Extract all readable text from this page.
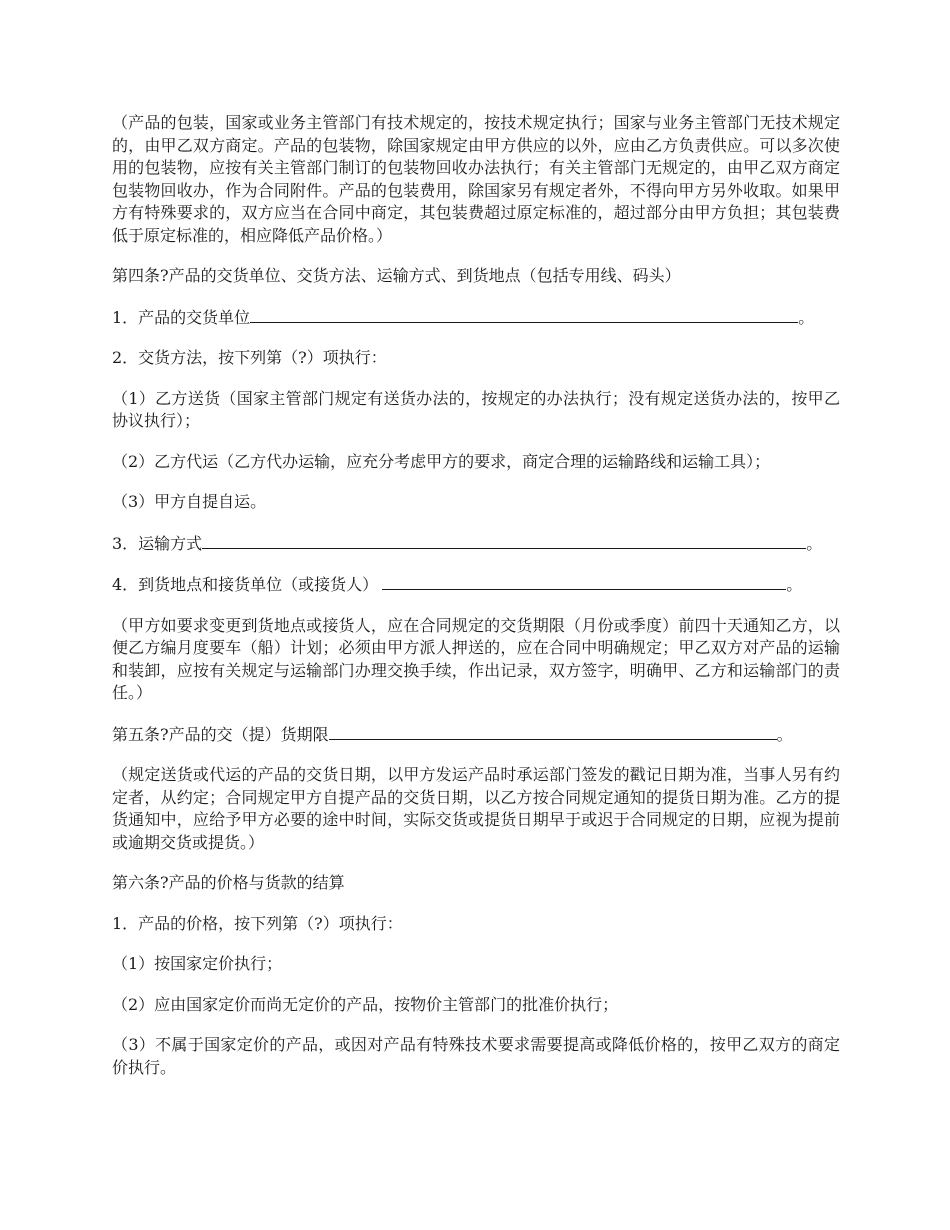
（产品的包装，国家或业务主管部门有技术规定的，按技术规定执行；国家与业务主管部门无技术规定的，由甲乙双方商定。产品的包装物，除国家规定由甲方供应的以外，应由乙方负责供应。可以多次使用的包装物，应按有关主管部门制订的包装物回收办法执行；有关主管部门无规定的，由甲乙双方商定包装物回收办，作为合同附件。产品的包装费用，除国家另有规定者外，不得向甲方另外收取。如果甲方有特殊要求的，双方应当在合同中商定，其包装费超过原定标准的，超过部分由甲方负担；其包装费低于原定标准的，相应降低产品价格。）

第四条?产品的交货单位、交货方法、运输方式、到货地点（包括专用线、码头）

1．产品的交货单位	。

2．交货方法，按下列第（?）项执行：

（1）乙方送货（国家主管部门规定有送货办法的，按规定的办法执行；没有规定送货办法的，按甲乙协议执行）；

（2）乙方代运（乙方代办运输，应充分考虑甲方的要求，商定合理的运输路线和运输工具）；

（3）甲方自提自运。

3．运输方式	。

4．到货地点和接货单位（或接货人）	。

（甲方如要求变更到货地点或接货人，应在合同规定的交货期限（月份或季度）前四十天通知乙方，以便乙方编月度要车（船）计划；必须由甲方派人押送的，应在合同中明确规定；甲乙双方对产品的运输和装卸，应按有关规定与运输部门办理交换手续，作出记录，双方签字，明确甲、乙方和运输部门的责任。）

第五条?产品的交（提）货期限	。

（规定送货或代运的产品的交货日期，以甲方发运产品时承运部门签发的戳记日期为准，当事人另有约定者，从约定；合同规定甲方自提产品的交货日期，以乙方按合同规定通知的提货日期为准。乙方的提货通知中，应给予甲方必要的途中时间，实际交货或提货日期早于或迟于合同规定的日期，应视为提前或逾期交货或提货。）

第六条?产品的价格与货款的结算

1．产品的价格，按下列第（?）项执行：

（1）按国家定价执行；

（2）应由国家定价而尚无定价的产品，按物价主管部门的批准价执行；

（3）不属于国家定价的产品，或因对产品有特殊技术要求需要提高或降低价格的，按甲乙双方的商定价执行。
